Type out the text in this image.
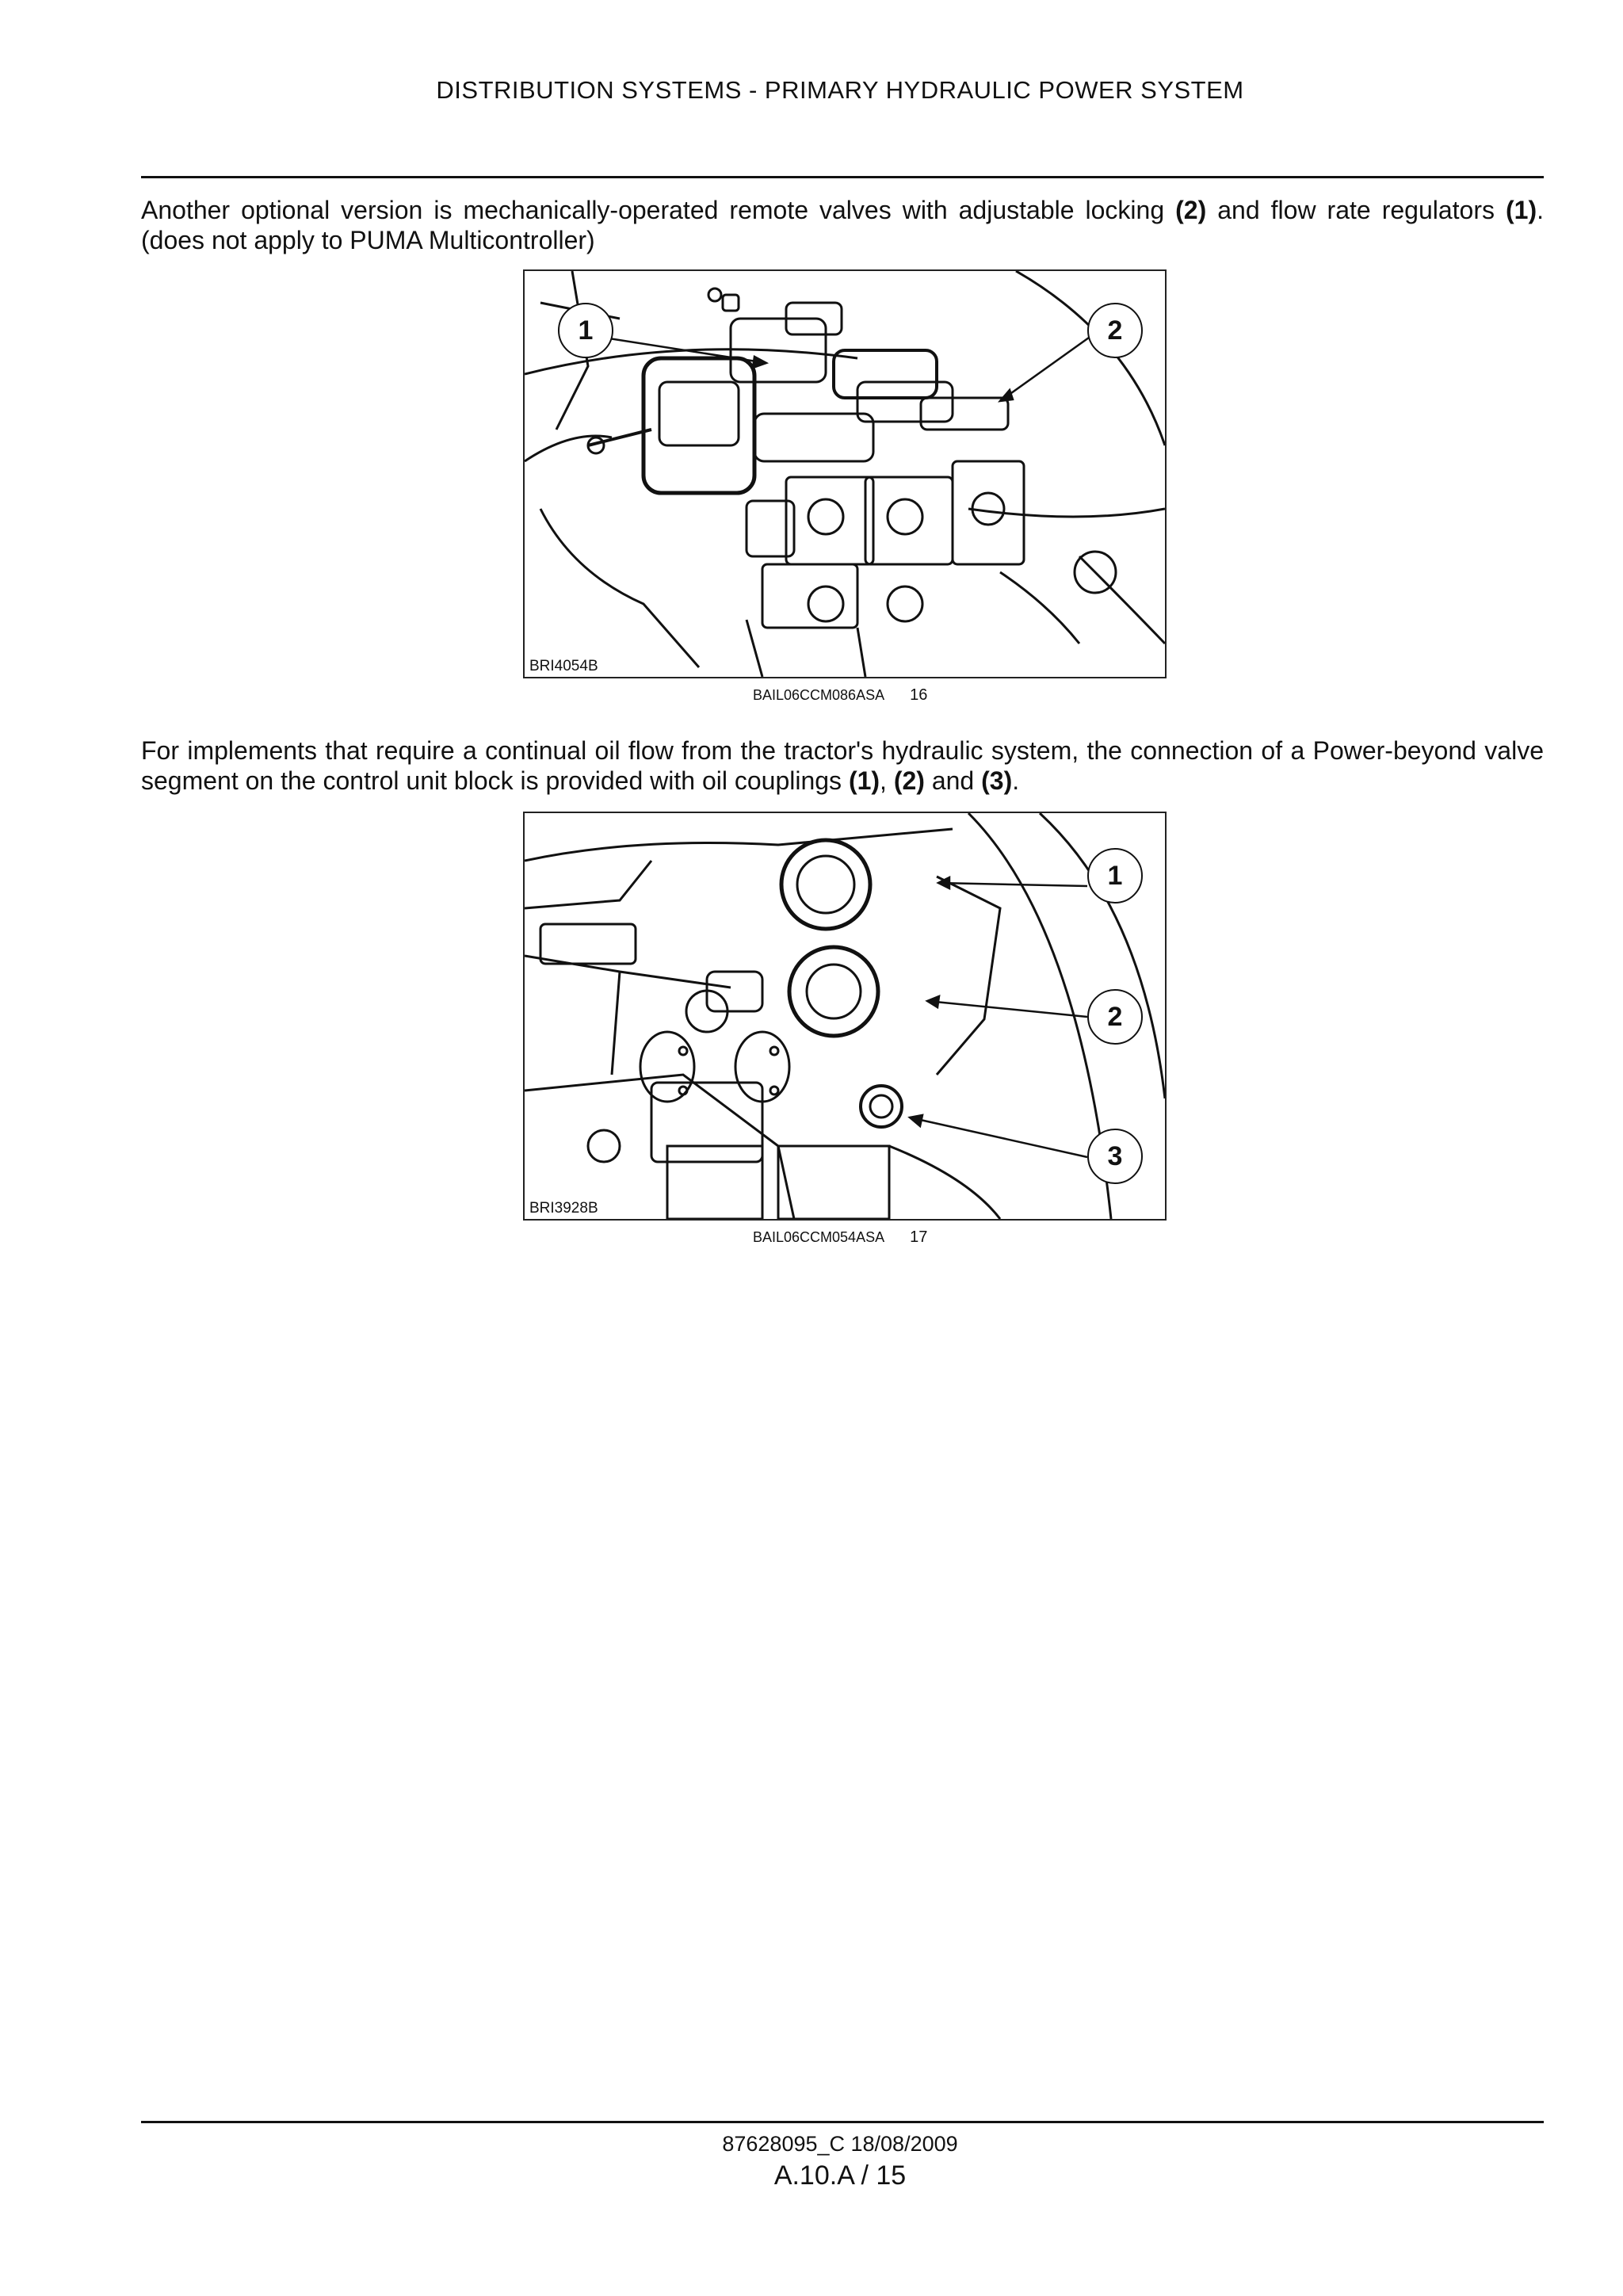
DISTRIBUTION SYSTEMS - PRIMARY HYDRAULIC POWER SYSTEM
Another optional version is mechanically-operated remote valves with adjustable locking (2) and flow rate regulators (1). (does not apply to PUMA Multicontroller)
1	2
BRI4054B
BAIL06CCM086ASA 16
For implements that require a continual oil flow from the tractor's hydraulic system, the connection of a Power-beyond valve segment on the control unit block is provided with oil couplings (1), (2) and (3).
1
2
3
BRI3928B
BAIL06CCM054ASA 17
87628095_C 18/08/2009
A.10.A / 15
